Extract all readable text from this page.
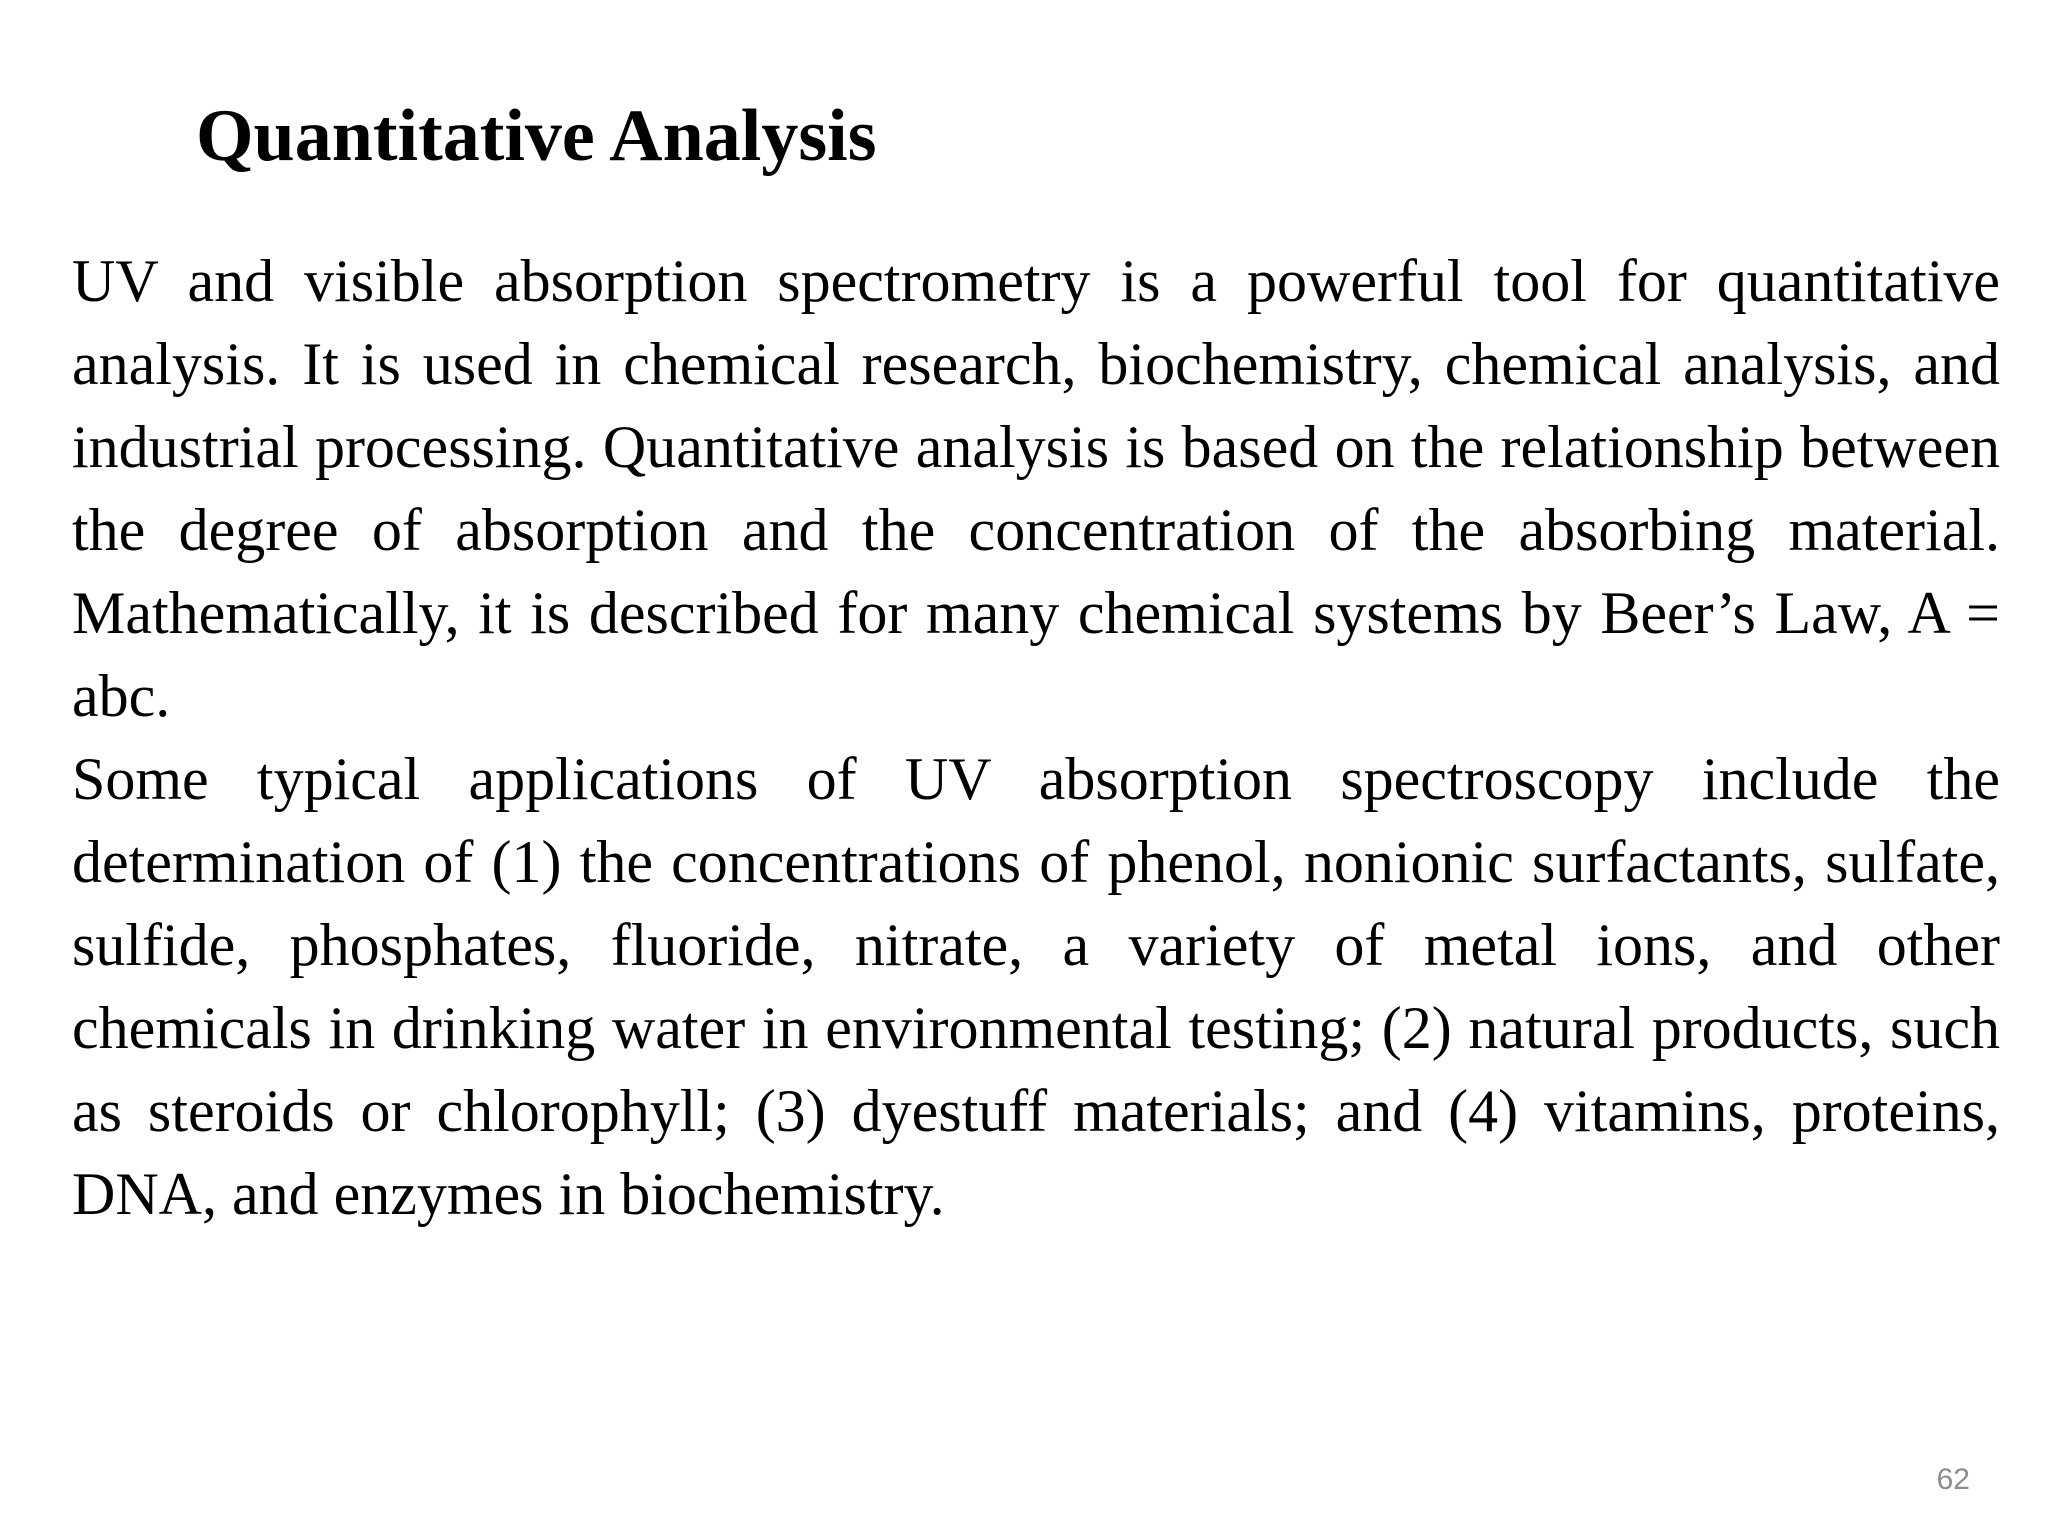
Quantitative Analysis

UV and visible absorption spectrometry is a powerful tool for quantitative analysis. It is used in chemical research, biochemistry, chemical analysis, and industrial processing. Quantitative analysis is based on the relationship between the degree of absorption and the concentration of the absorbing material. Mathematically, it is described for many chemical systems by Beer’s Law, A = abc.

Some typical applications of UV absorption spectroscopy include the determination of (1) the concentrations of phenol, nonionic surfactants, sulfate, sulfide, phosphates, fluoride, nitrate, a variety of metal ions, and other chemicals in drinking water in environmental testing; (2) natural products, such as steroids or chlorophyll; (3) dyestuff materials; and (4) vitamins, proteins, DNA, and enzymes in biochemistry.

62
